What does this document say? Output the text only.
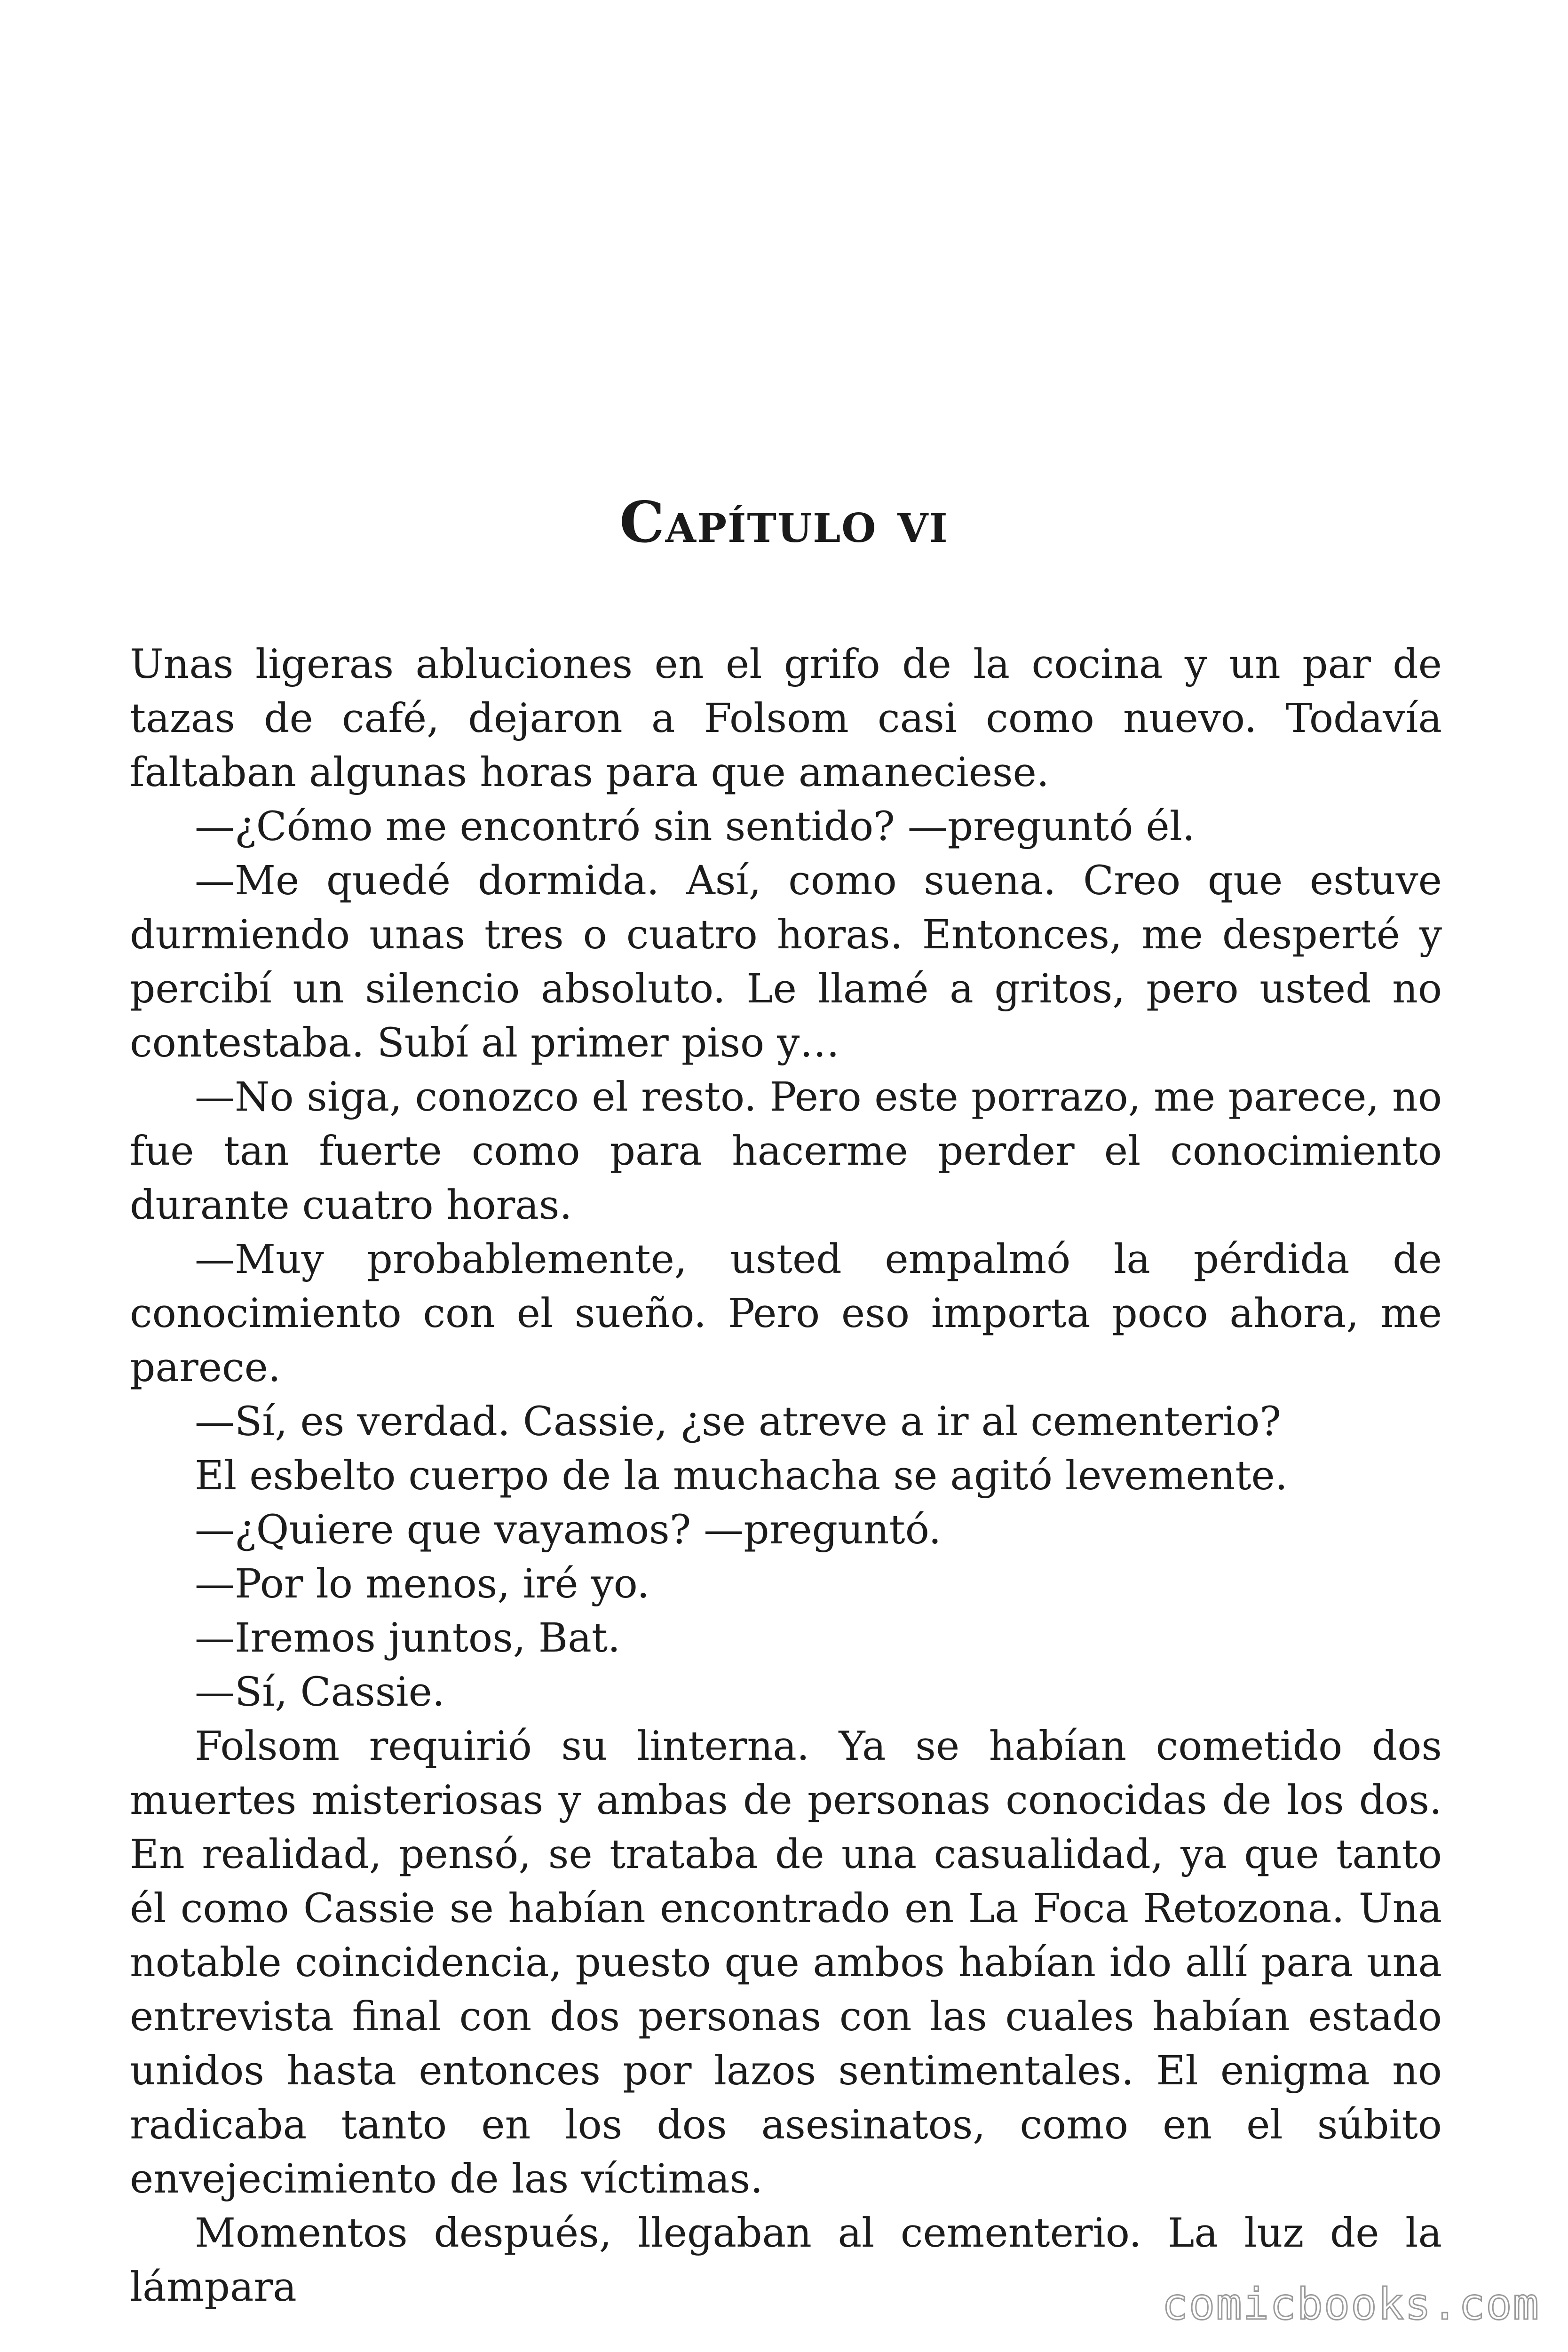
Capítulo vi

Unas ligeras abluciones en el grifo de la cocina y un par de tazas de café, dejaron a Folsom casi como nuevo. Todavía faltaban algunas horas para que amaneciese.

—¿Cómo me encontró sin sentido? —preguntó él.

—Me quedé dormida. Así, como suena. Creo que estuve durmiendo unas tres o cuatro horas. Entonces, me desperté y percibí un silencio absoluto. Le llamé a gritos, pero usted no contestaba. Subí al primer piso y…

—No siga, conozco el resto. Pero este porrazo, me parece, no fue tan fuerte como para hacerme perder el conocimiento durante cuatro horas.

—Muy probablemente, usted empalmó la pérdida de conocimiento con el sueño. Pero eso importa poco ahora, me parece.

—Sí, es verdad. Cassie, ¿se atreve a ir al cementerio?

El esbelto cuerpo de la muchacha se agitó levemente.

—¿Quiere que vayamos? —preguntó.

—Por lo menos, iré yo.

—Iremos juntos, Bat.

—Sí, Cassie.

Folsom requirió su linterna. Ya se habían cometido dos muertes misteriosas y ambas de personas conocidas de los dos. En realidad, pensó, se trataba de una casualidad, ya que tanto él como Cassie se habían encontrado en La Foca Retozona. Una notable coincidencia, puesto que ambos habían ido allí para una entrevista final con dos personas con las cuales habían estado unidos hasta entonces por lazos sentimentales. El enigma no radicaba tanto en los dos asesinatos, como en el súbito envejecimiento de las víctimas.

Momentos después, llegaban al cementerio. La luz de la lámpara	comicbooks.com
